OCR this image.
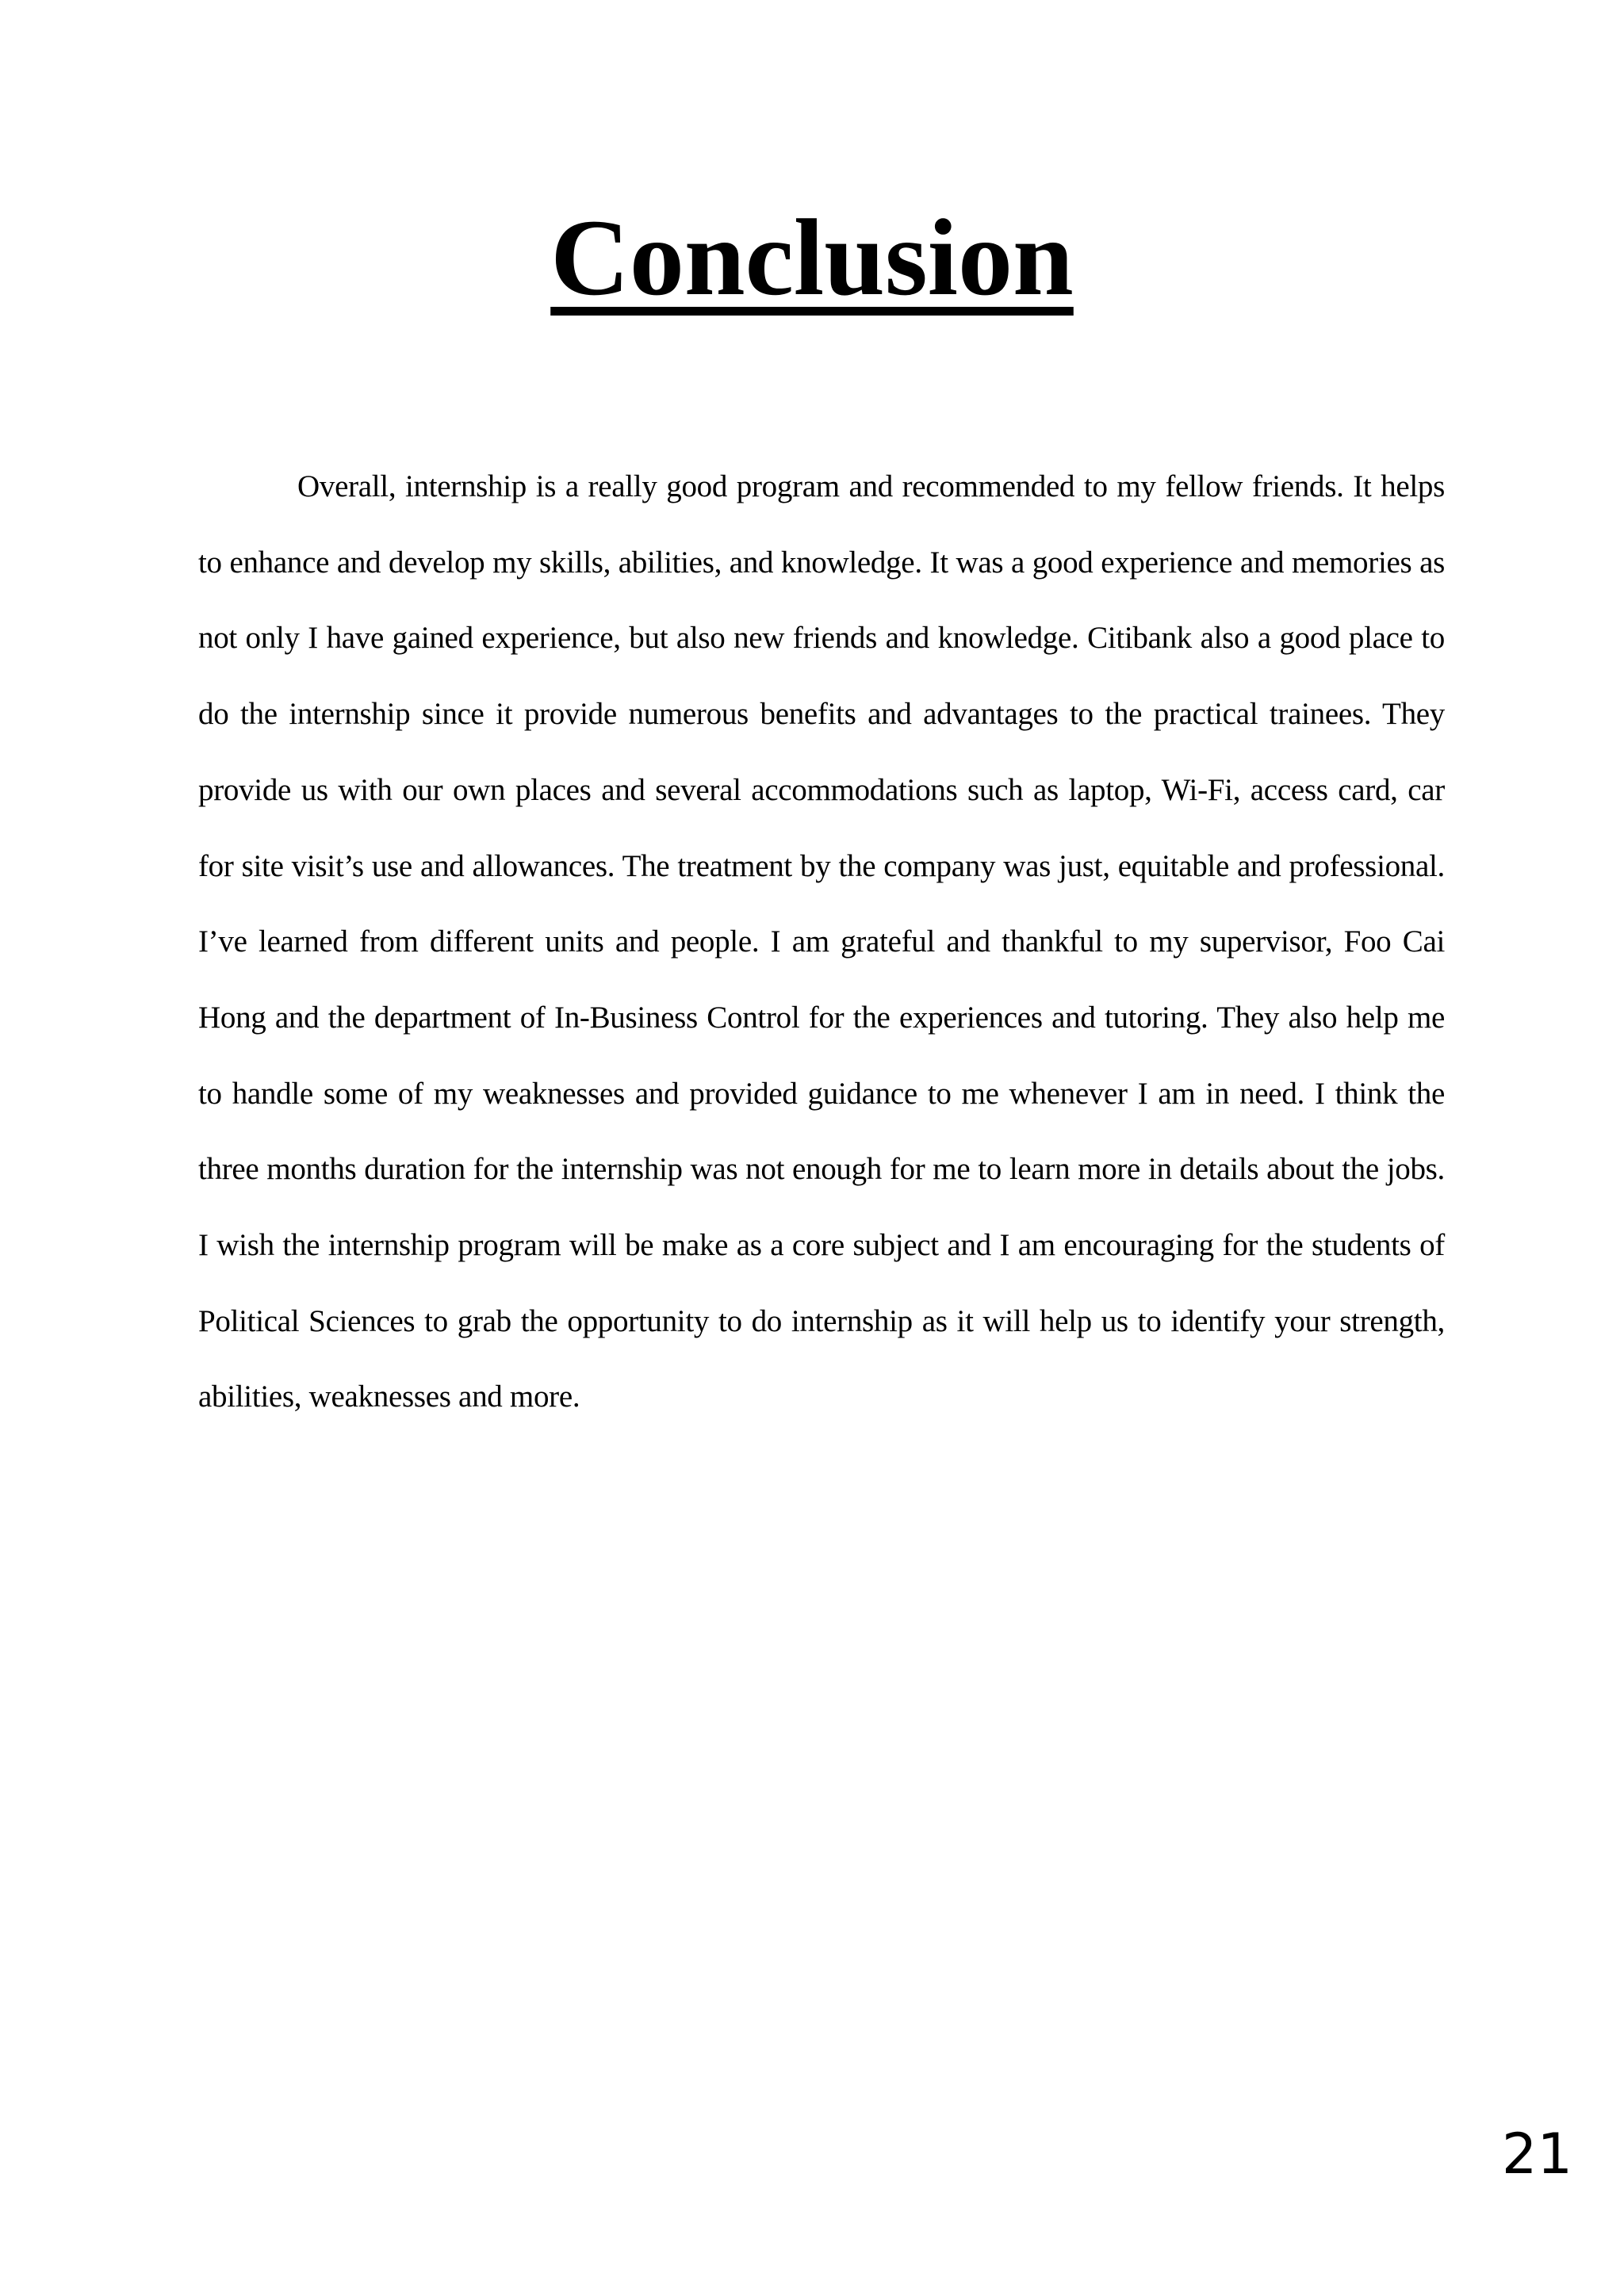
Conclusion

Overall, internship is a really good program and recommended to my fellow friends. It helps to enhance and develop my skills, abilities, and knowledge. It was a good experience and memories as not only I have gained experience, but also new friends and knowledge. Citibank also a good place to do the internship since it provide numerous benefits and advantages to the practical trainees. They provide us with our own places and several accommodations such as laptop, Wi-Fi, access card, car for site visit’s use and allowances. The treatment by the company was just, equitable and professional. I’ve learned from different units and people. I am grateful and thankful to my supervisor, Foo Cai Hong and the department of In-Business Control for the experiences and tutoring. They also help me to handle some of my weaknesses and provided guidance to me whenever I am in need. I think the three months duration for the internship was not enough for me to learn more in details about the jobs. I wish the internship program will be make as a core subject and I am encouraging for the students of Political Sciences to grab the opportunity to do internship as it will help us to identify your strength, abilities, weaknesses and more.

21
